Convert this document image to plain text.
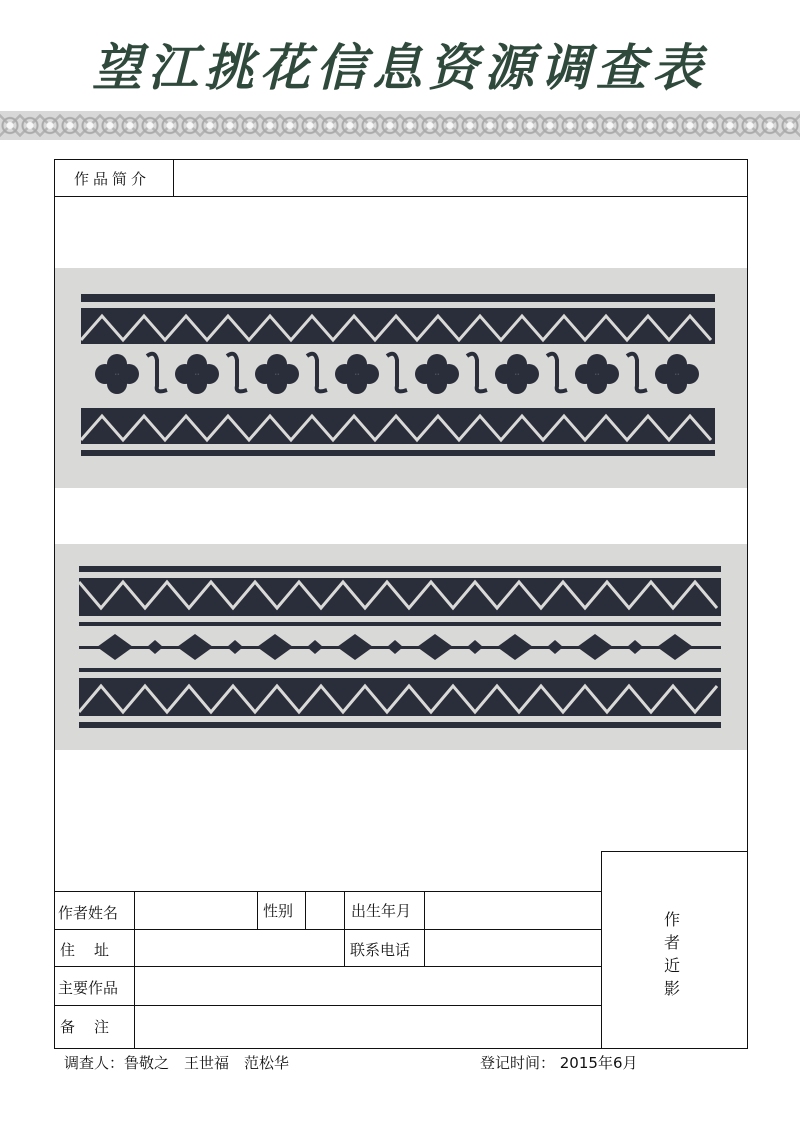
望江挑花信息资源调查表
作品简介
作者姓名	性别	出生年月
住　址	联系电话
主要作品
备　注
作
者
近
影
调查人：鲁敬之　王世福　范松华	登记时间： 2015年6月
